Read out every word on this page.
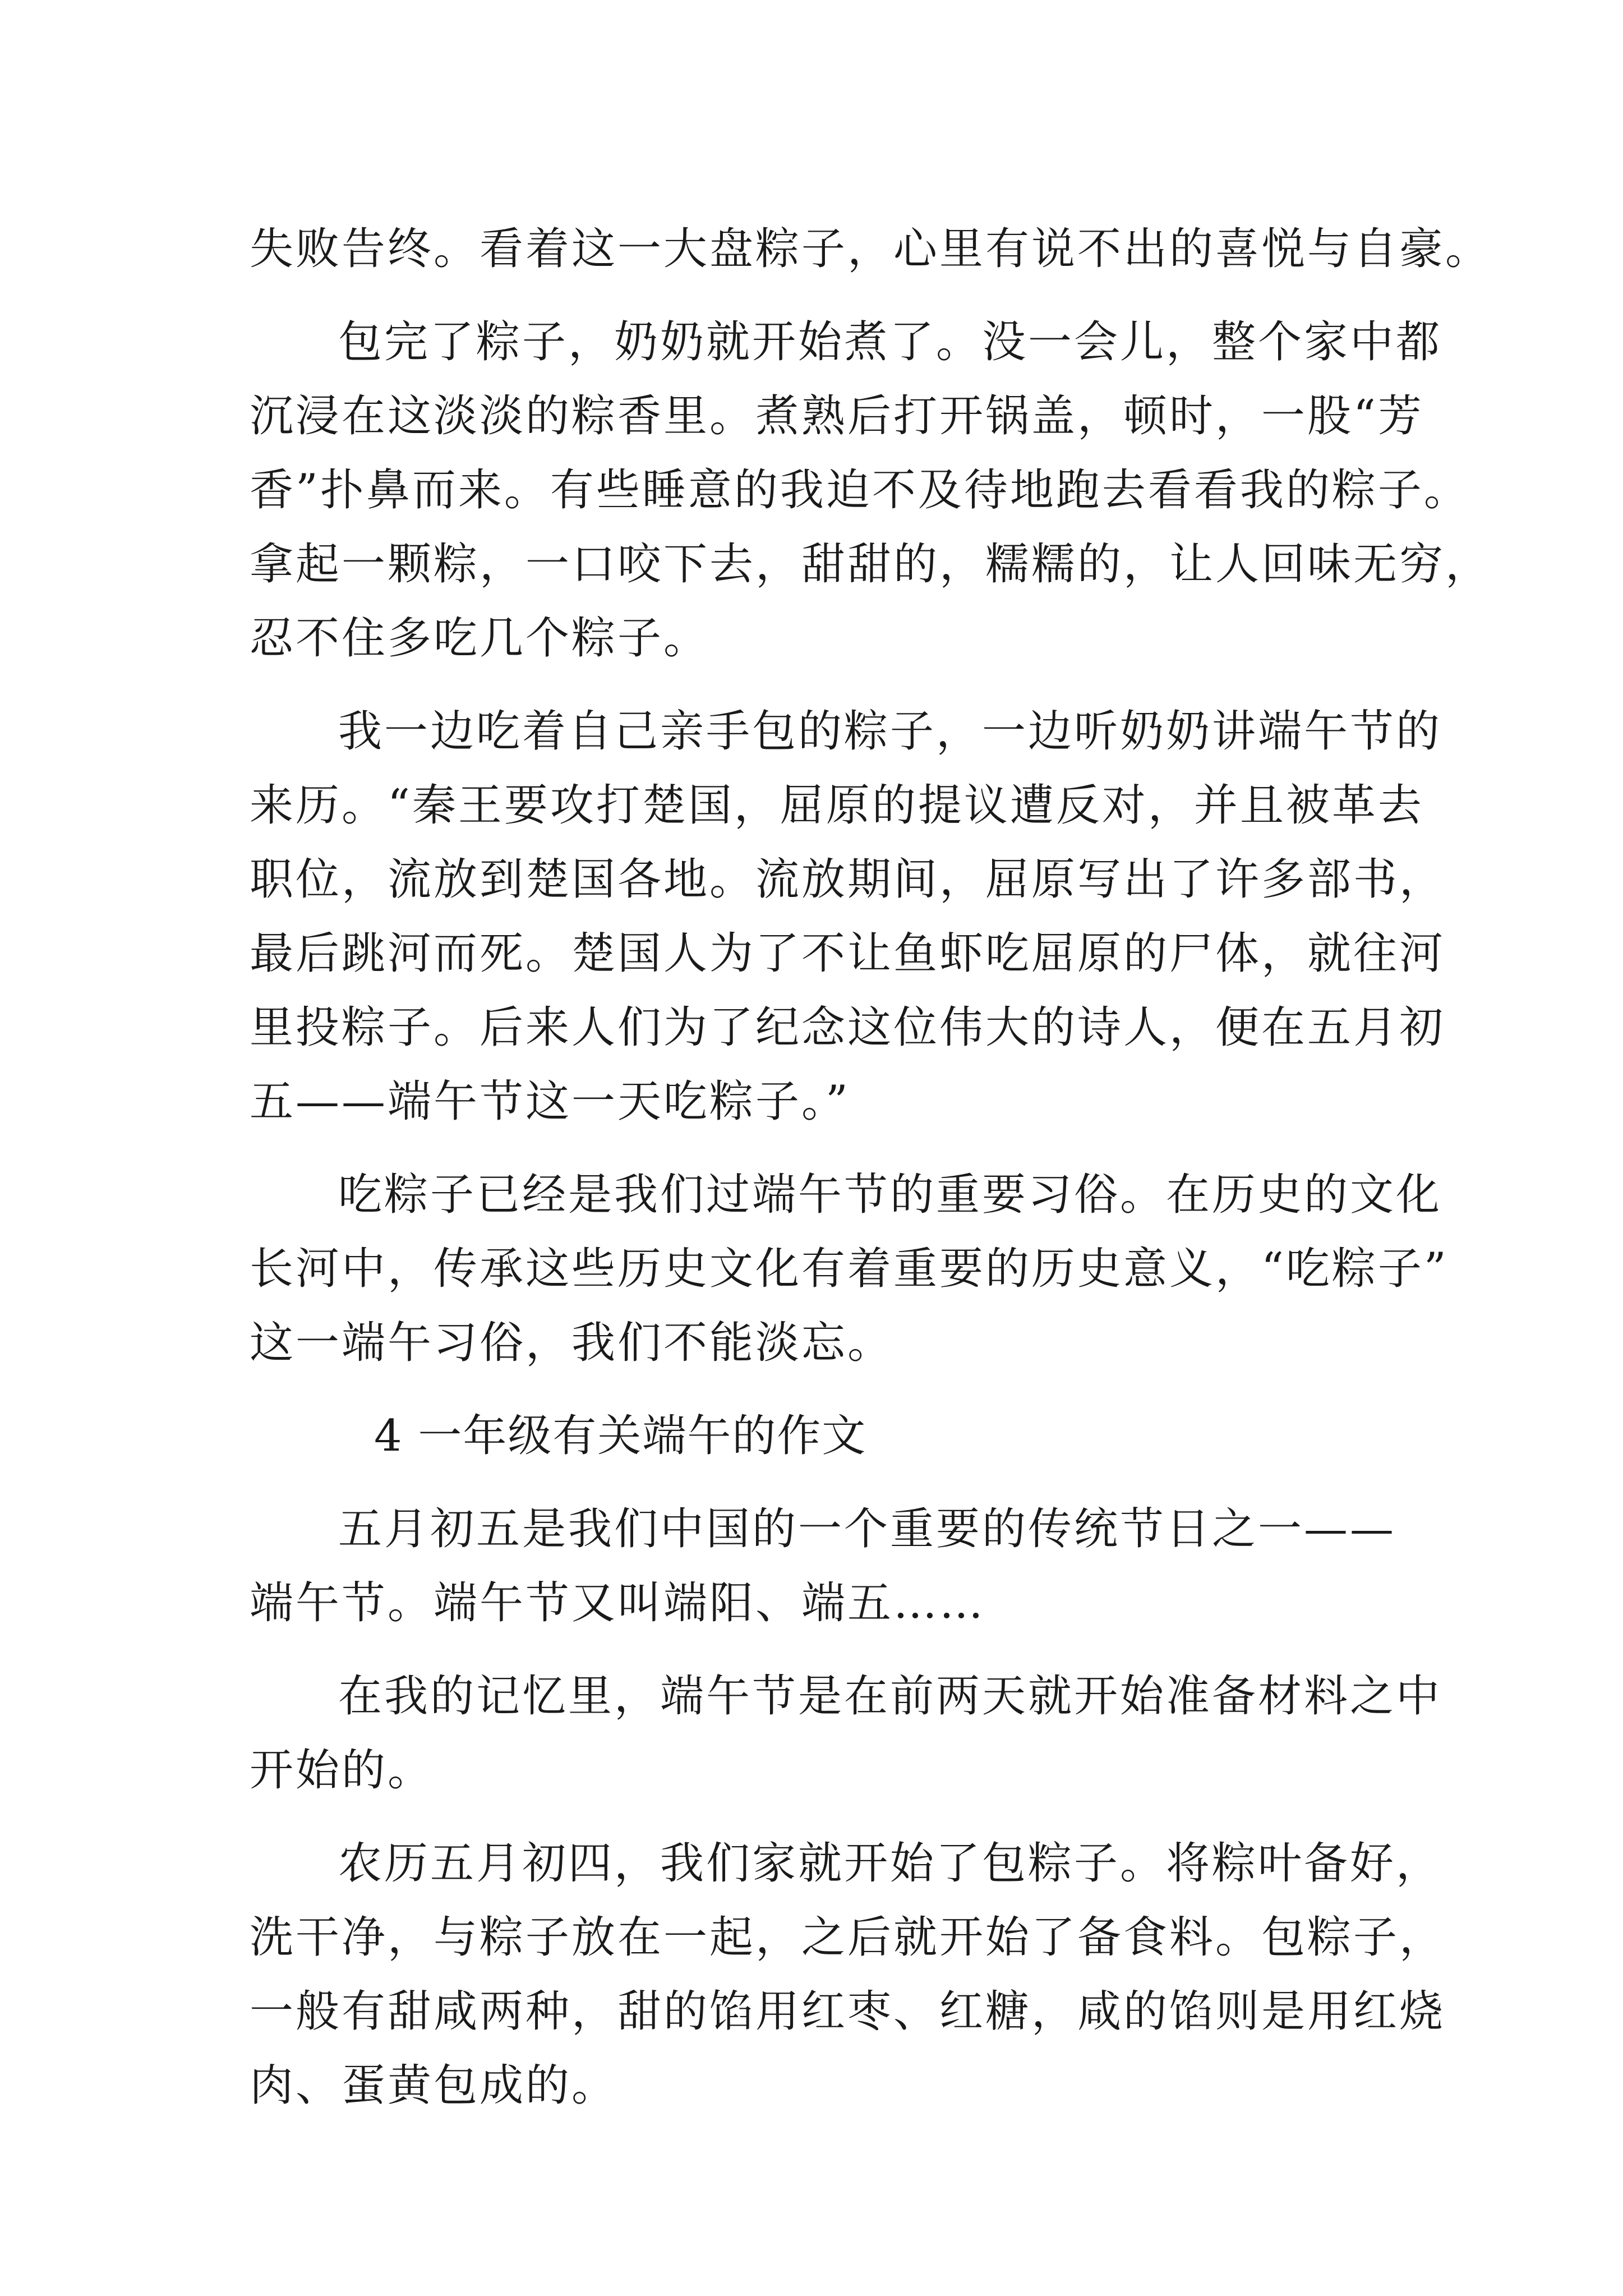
失败告终。看着这一大盘粽子，心里有说不出的喜悦与自豪。
包完了粽子，奶奶就开始煮了。没一会儿，整个家中都
沉浸在这淡淡的粽香里。煮熟后打开锅盖，顿时，一股“芳
香”扑鼻而来。有些睡意的我迫不及待地跑去看看我的粽子。
拿起一颗粽，一口咬下去，甜甜的，糯糯的，让人回味无穷，
忍不住多吃几个粽子。
我一边吃着自己亲手包的粽子，一边听奶奶讲端午节的
来历。“秦王要攻打楚国，屈原的提议遭反对，并且被革去
职位，流放到楚国各地。流放期间，屈原写出了许多部书，
最后跳河而死。楚国人为了不让鱼虾吃屈原的尸体，就往河
里投粽子。后来人们为了纪念这位伟大的诗人，便在五月初
五——端午节这一天吃粽子。”
吃粽子已经是我们过端午节的重要习俗。在历史的文化
长河中，传承这些历史文化有着重要的历史意义，“吃粽子”
这一端午习俗，我们不能淡忘。
4 一年级有关端午的作文
五月初五是我们中国的一个重要的传统节日之一——
端午节。端午节又叫端阳、端五……
在我的记忆里，端午节是在前两天就开始准备材料之中
开始的。
农历五月初四，我们家就开始了包粽子。将粽叶备好，
洗干净，与粽子放在一起，之后就开始了备食料。包粽子，
一般有甜咸两种，甜的馅用红枣、红糖，咸的馅则是用红烧
肉、蛋黄包成的。
